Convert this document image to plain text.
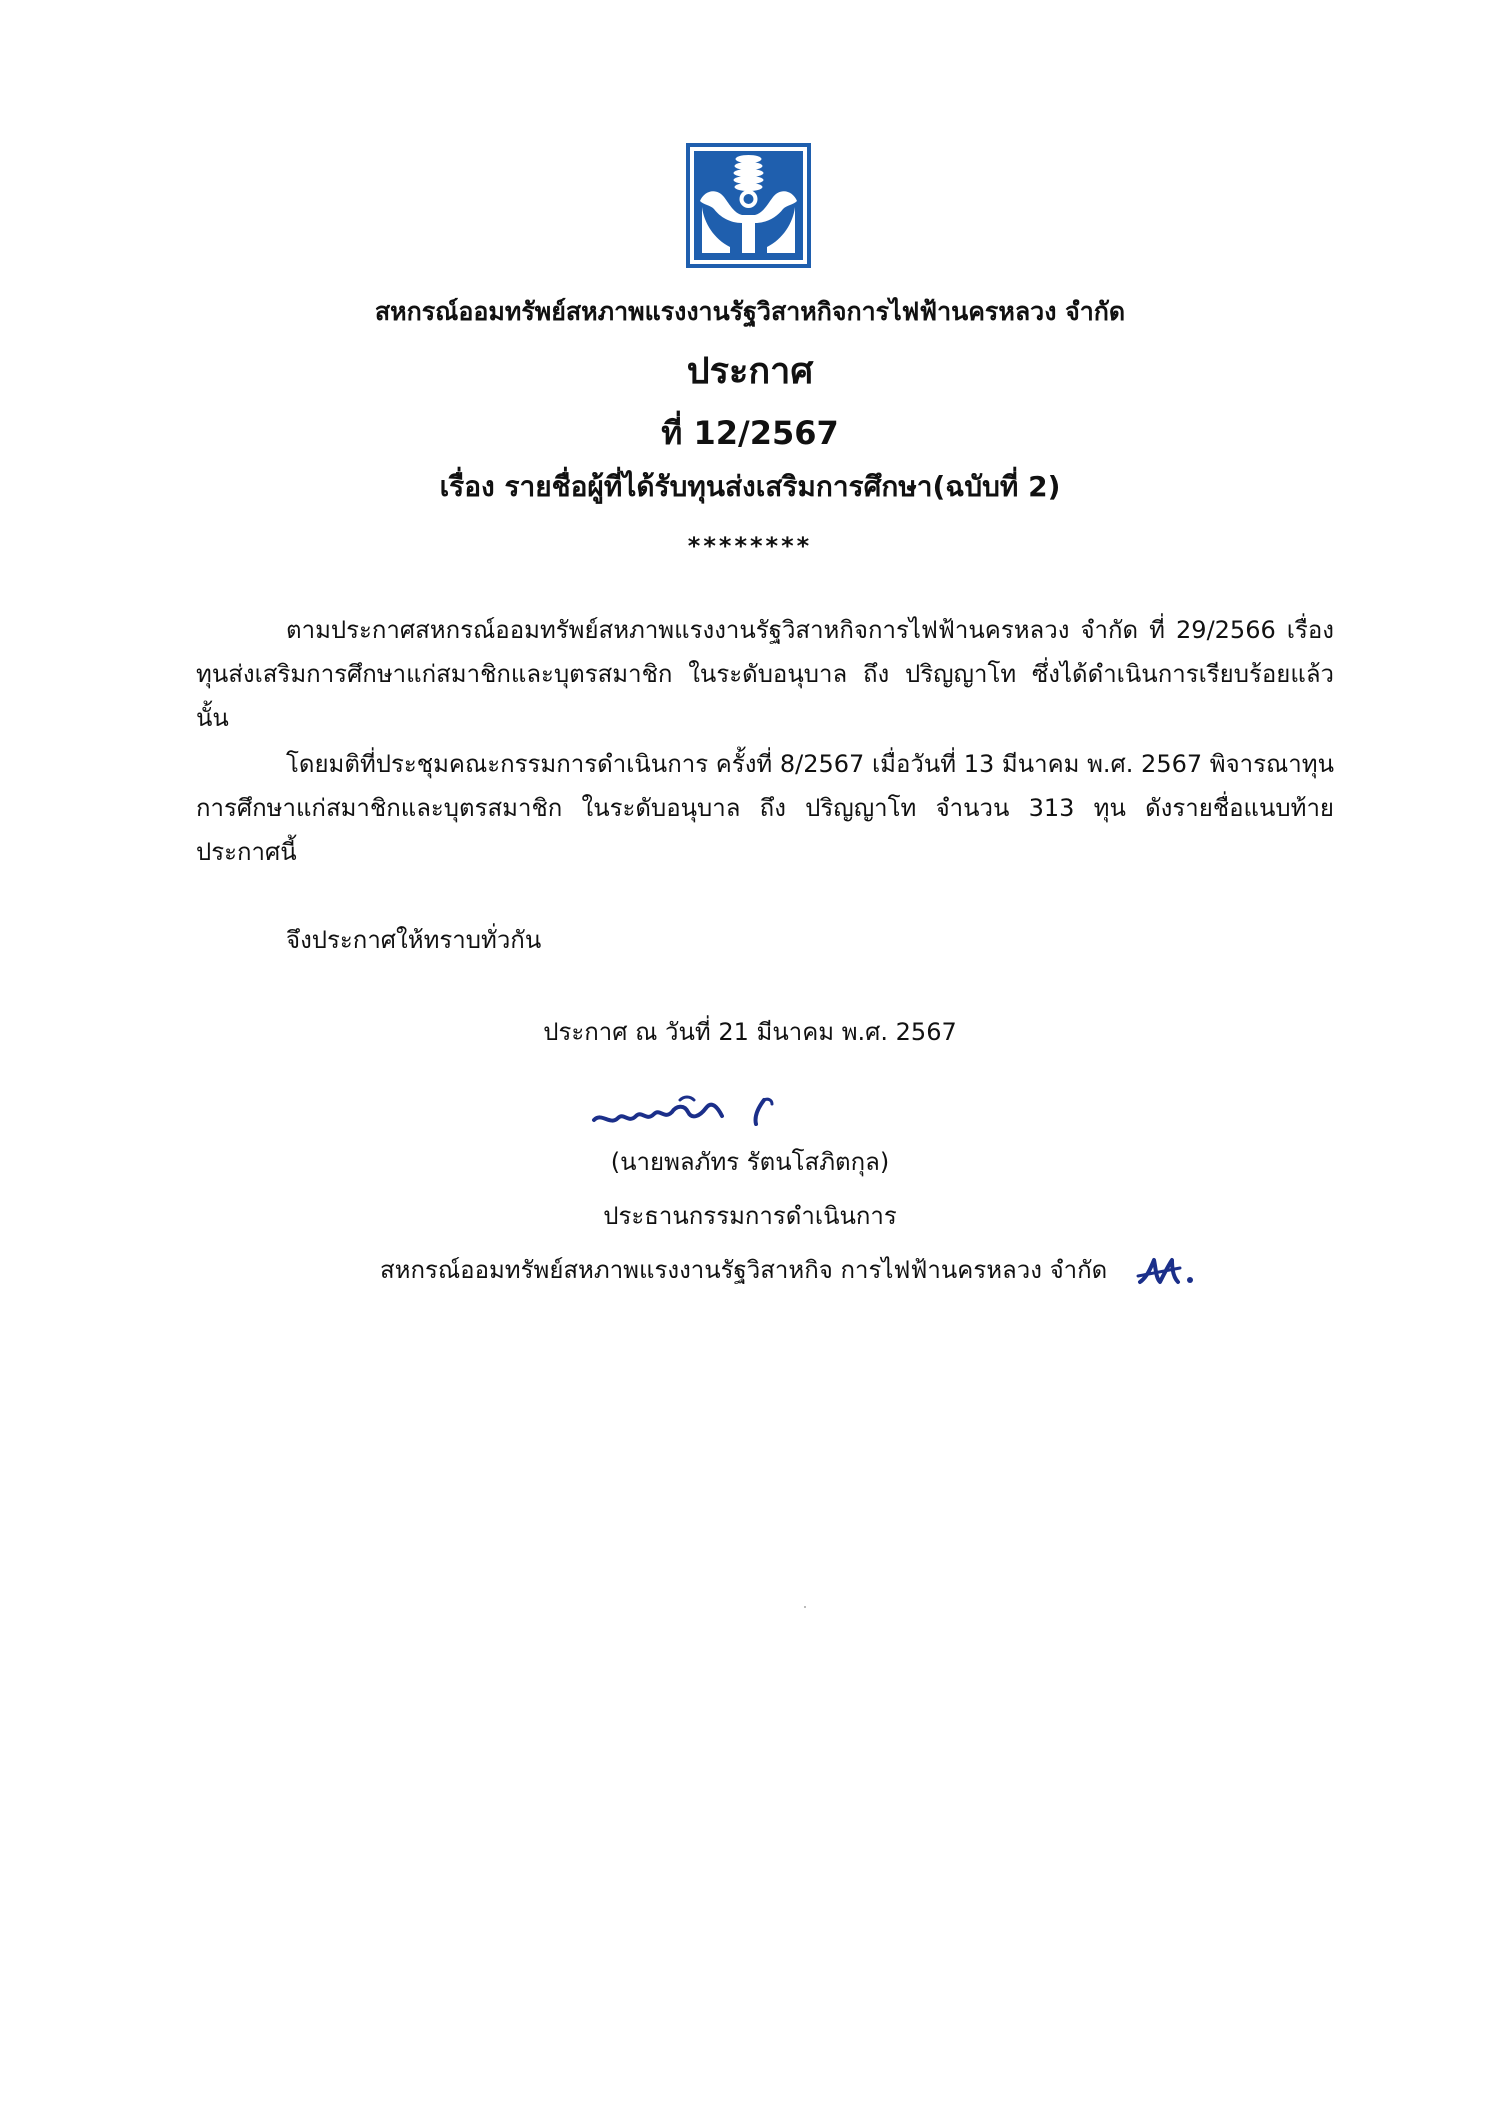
สหกรณ์ออมทรัพย์สหภาพแรงงานรัฐวิสาหกิจการไฟฟ้านครหลวง จำกัด
ประกาศ
ที่ 12/2567
เรื่อง รายชื่อผู้ที่ได้รับทุนส่งเสริมการศึกษา(ฉบับที่ 2)
********

ตามประกาศสหกรณ์ออมทรัพย์สหภาพแรงงานรัฐวิสาหกิจการไฟฟ้านครหลวง จำกัด ที่ 29/2566 เรื่อง ทุนส่งเสริมการศึกษาแก่สมาชิกและบุตรสมาชิก ในระดับอนุบาล ถึง ปริญญาโท ซึ่งได้ดำเนินการเรียบร้อยแล้ว นั้น

โดยมติที่ประชุมคณะกรรมการดำเนินการ ครั้งที่ 8/2567 เมื่อวันที่ 13 มีนาคม พ.ศ. 2567 พิจารณาทุนการศึกษาแก่สมาชิกและบุตรสมาชิก ในระดับอนุบาล ถึง ปริญญาโท จำนวน 313 ทุน ดังรายชื่อแนบท้ายประกาศนี้

จึงประกาศให้ทราบทั่วกัน
ประกาศ ณ วันที่ 21 มีนาคม พ.ศ. 2567
(นายพลภัทร รัตนโสภิตกุล)
ประธานกรรมการดำเนินการ
สหกรณ์ออมทรัพย์สหภาพแรงงานรัฐวิสาหกิจ การไฟฟ้านครหลวง จำกัด
